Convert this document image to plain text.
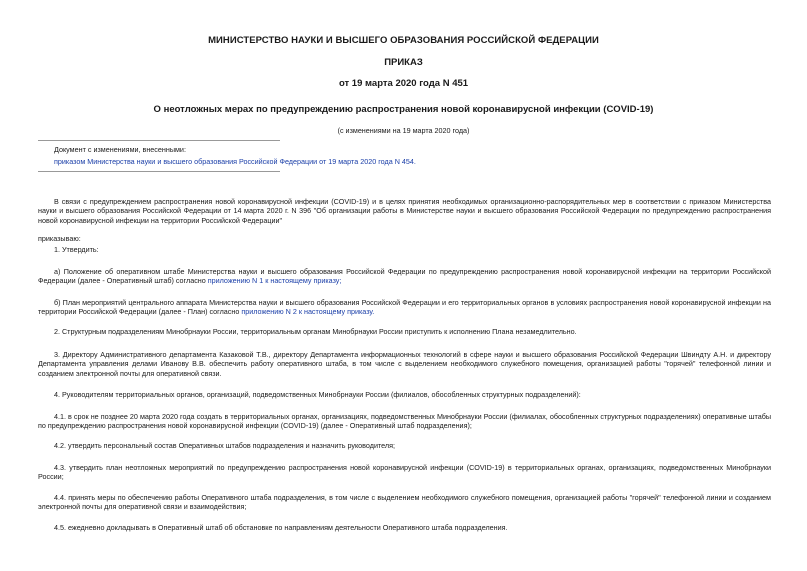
МИНИСТЕРСТВО НАУКИ И ВЫСШЕГО ОБРАЗОВАНИЯ РОССИЙСКОЙ ФЕДЕРАЦИИ
ПРИКАЗ
от 19 марта 2020 года N 451
О неотложных мерах по предупреждению распространения новой коронавирусной инфекции (COVID-19)
(с изменениями на 19 марта 2020 года)
Документ с изменениями, внесенными:
приказом Министерства науки и высшего образования Российской Федерации от 19 марта 2020 года N 454.
В связи с предупреждением распространения новой коронавирусной инфекции (COVID-19) и в целях принятия необходимых организационно-распорядительных мер в соответствии с приказом Министерства науки и высшего образования Российской Федерации от 14 марта 2020 г. N 396 "Об организации работы в Министерстве науки и высшего образования Российской Федерации по предупреждению распространения новой коронавирусной инфекции на территории Российской Федерации"
приказываю:
1. Утвердить:
а) Положение об оперативном штабе Министерства науки и высшего образования Российской Федерации по предупреждению распространения новой коронавирусной инфекции на территории Российской Федерации (далее - Оперативный штаб) согласно приложению N 1 к настоящему приказу;
б) План мероприятий центрального аппарата Министерства науки и высшего образования Российской Федерации и его территориальных органов в условиях распространения новой коронавирусной инфекции на территории Российской Федерации (далее - План) согласно приложению N 2 к настоящему приказу.
2. Структурным подразделениям Минобрнауки России, территориальным органам Минобрнауки России приступить к исполнению Плана незамедлительно.
3. Директору Административного департамента Казаковой Т.В., директору Департамента информационных технологий в сфере науки и высшего образования Российской Федерации Швиндту А.Н. и директору Департамента управления делами Иванову В.В. обеспечить работу оперативного штаба, в том числе с выделением необходимого служебного помещения, организацией работы "горячей" телефонной линии и созданием электронной почты для оперативной связи.
4. Руководителям территориальных органов, организаций, подведомственных Минобрнауки России (филиалов, обособленных структурных подразделений):
4.1. в срок не позднее 20 марта 2020 года создать в территориальных органах, организациях, подведомственных Минобрнауки России (филиалах, обособленных структурных подразделениях) оперативные штабы по предупреждению распространения новой коронавирусной инфекции (COVID-19) (далее - Оперативный штаб подразделения);
4.2. утвердить персональный состав Оперативных штабов подразделения и назначить руководителя;
4.3. утвердить план неотложных мероприятий по предупреждению распространения новой коронавирусной инфекции (COVID-19) в территориальных органах, организациях, подведомственных Минобрнауки России;
4.4. принять меры по обеспечению работы Оперативного штаба подразделения, в том числе с выделением необходимого служебного помещения, организацией работы "горячей" телефонной линии и созданием электронной почты для оперативной связи и взаимодействия;
4.5. ежедневно докладывать в Оперативный штаб об обстановке по направлениям деятельности Оперативного штаба подразделения.
